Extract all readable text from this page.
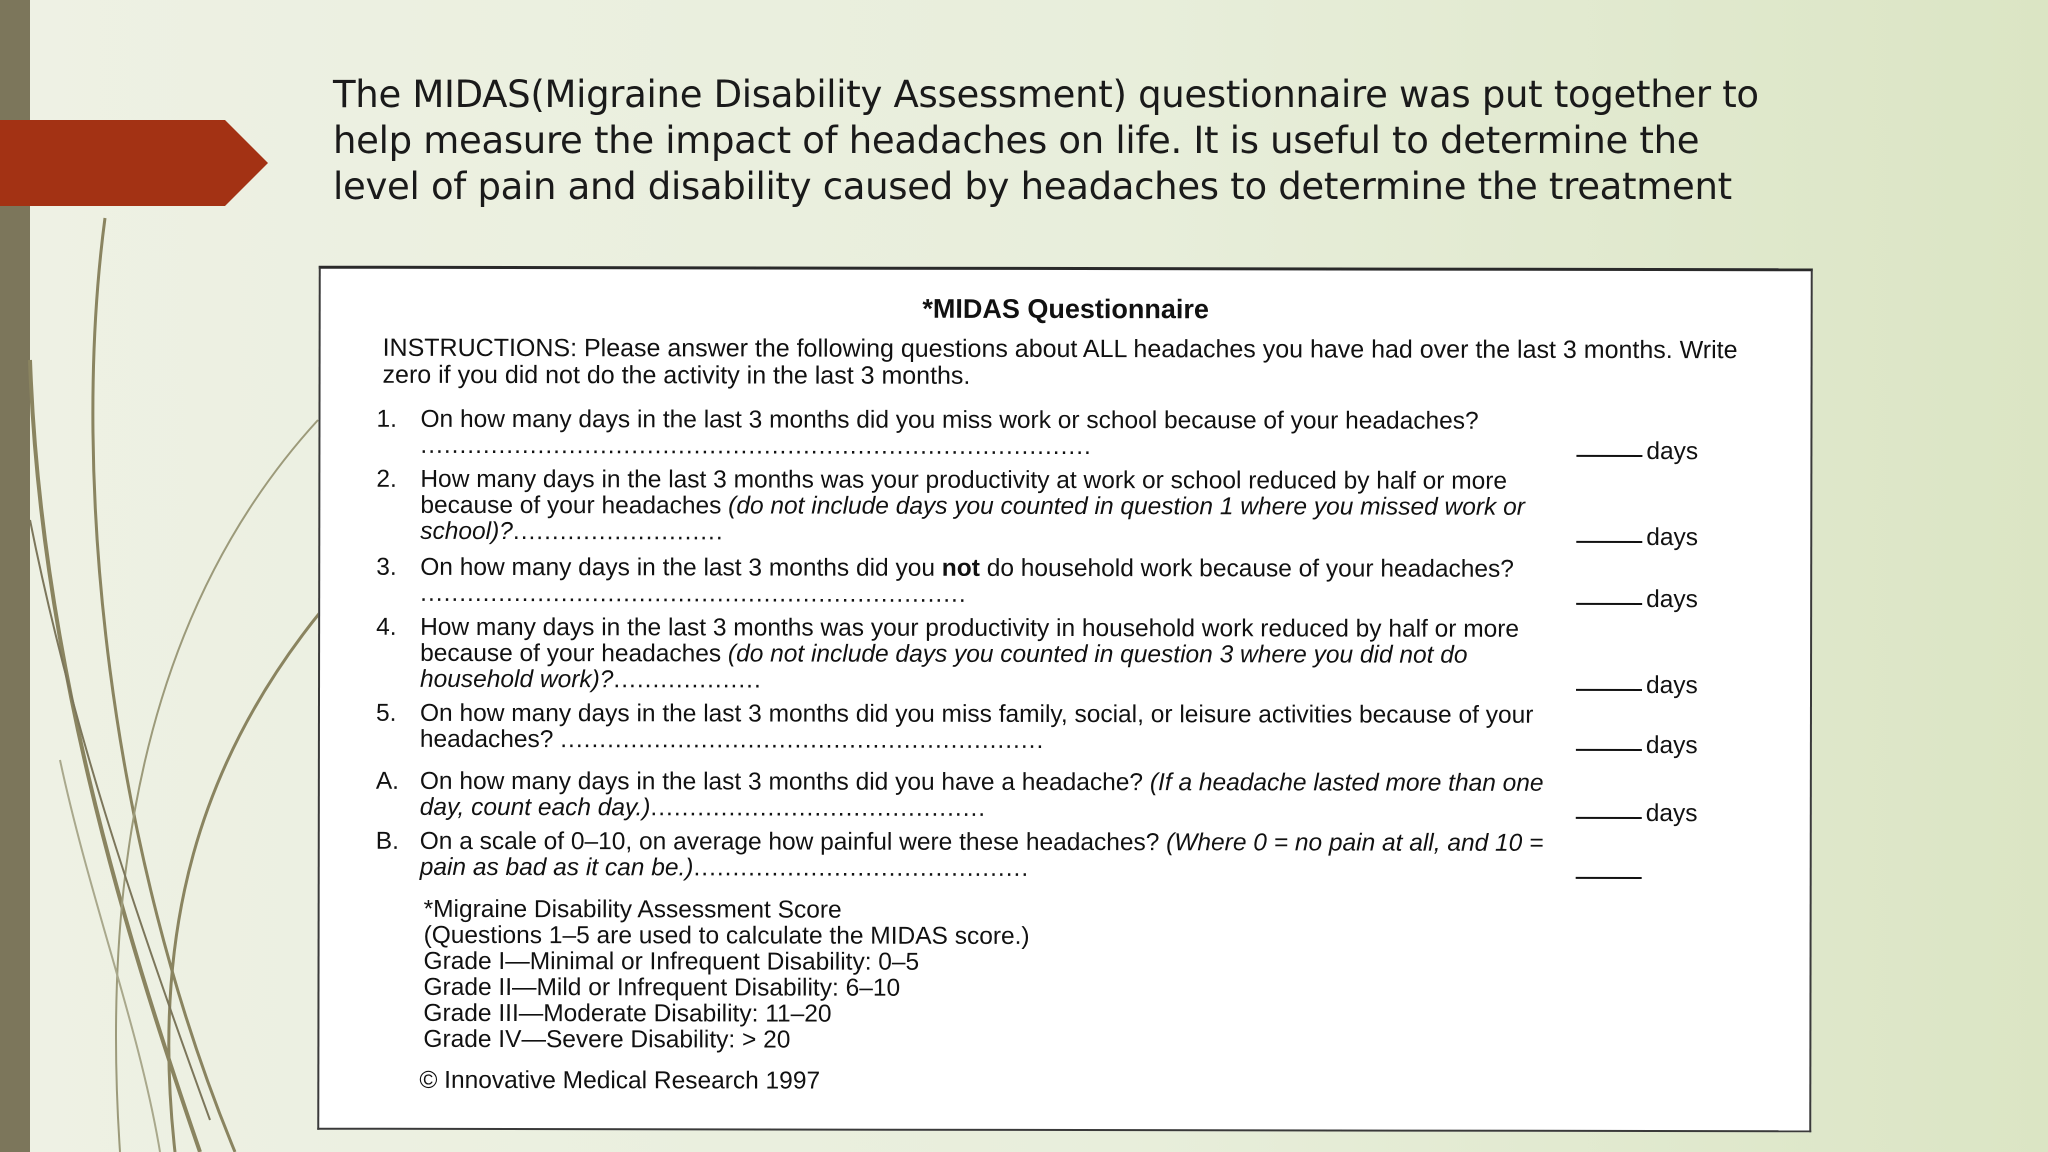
The MIDAS(Migraine Disability Assessment) questionnaire was put together to help measure the impact of headaches on life. It is useful to determine the level of pain and disability caused by headaches to determine the treatment

*MIDAS Questionnaire
INSTRUCTIONS: Please answer the following questions about ALL headaches you have had over the last 3 months. Write zero if you did not do the activity in the last 3 months.
1. On how many days in the last 3 months did you miss work or school because of your headaches? ......................................................................................	days
2. How many days in the last 3 months was your productivity at work or school reduced by half or more because of your headaches (do not include days you counted in question 1 where you missed work or school)?...........................	days
3. On how many days in the last 3 months did you not do household work because of your headaches? ......................................................................	days
4. How many days in the last 3 months was your productivity in household work reduced by half or more because of your headaches (do not include days you counted in question 3 where you did not do household work)?...................	days
5. On how many days in the last 3 months did you miss family, social, or leisure activities because of your headaches? ..............................................................	days
A. On how many days in the last 3 months did you have a headache? (If a headache lasted more than one day, count each day.)...........................................	days
B. On a scale of 0–10, on average how painful were these headaches? (Where 0 = no pain at all, and 10 = pain as bad as it can be.)...........................................
*Migraine Disability Assessment Score
(Questions 1–5 are used to calculate the MIDAS score.)
Grade I—Minimal or Infrequent Disability: 0–5
Grade II—Mild or Infrequent Disability: 6–10
Grade III—Moderate Disability: 11–20
Grade IV—Severe Disability: > 20
© Innovative Medical Research 1997
